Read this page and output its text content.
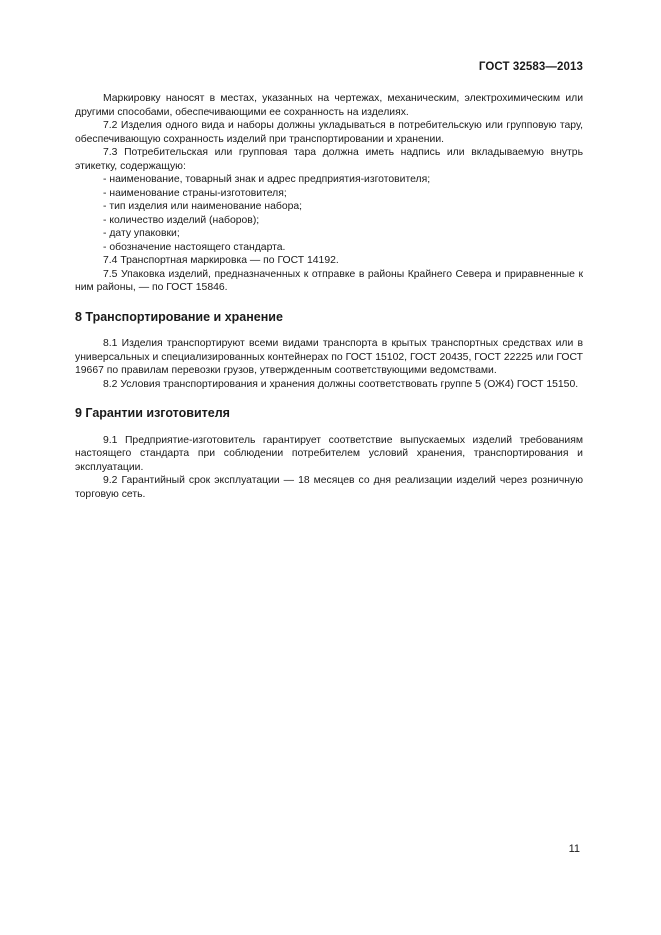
ГОСТ 32583—2013

Маркировку наносят в местах, указанных на чертежах, механическим, электрохимическим или другими способами, обеспечивающими ее сохранность на изделиях.

7.2 Изделия одного вида и наборы должны укладываться в потребительскую или групповую тару, обеспечивающую сохранность изделий при транспортировании и хранении.

7.3 Потребительская или групповая тара должна иметь надпись или вкладываемую внутрь этикетку, содержащую:

- наименование, товарный знак и адрес предприятия-изготовителя;

- наименование страны-изготовителя;

- тип изделия или наименование набора;

- количество изделий (наборов);

- дату упаковки;

- обозначение настоящего стандарта.

7.4 Транспортная маркировка — по ГОСТ 14192.

7.5 Упаковка изделий, предназначенных к отправке в районы Крайнего Севера и приравненные к ним районы, — по ГОСТ 15846.

8 Транспортирование и хранение

8.1 Изделия транспортируют всеми видами транспорта в крытых транспортных средствах или в универсальных и специализированных контейнерах по ГОСТ 15102, ГОСТ 20435, ГОСТ 22225 или ГОСТ 19667 по правилам перевозки грузов, утвержденным соответствующими ведомствами.

8.2 Условия транспортирования и хранения должны соответствовать группе 5 (ОЖ4) ГОСТ 15150.

9 Гарантии изготовителя

9.1 Предприятие-изготовитель гарантирует соответствие выпускаемых изделий требованиям настоящего стандарта при соблюдении потребителем условий хранения, транспортирования и эксплуатации.

9.2 Гарантийный срок эксплуатации — 18 месяцев со дня реализации изделий через розничную торговую сеть.

11
